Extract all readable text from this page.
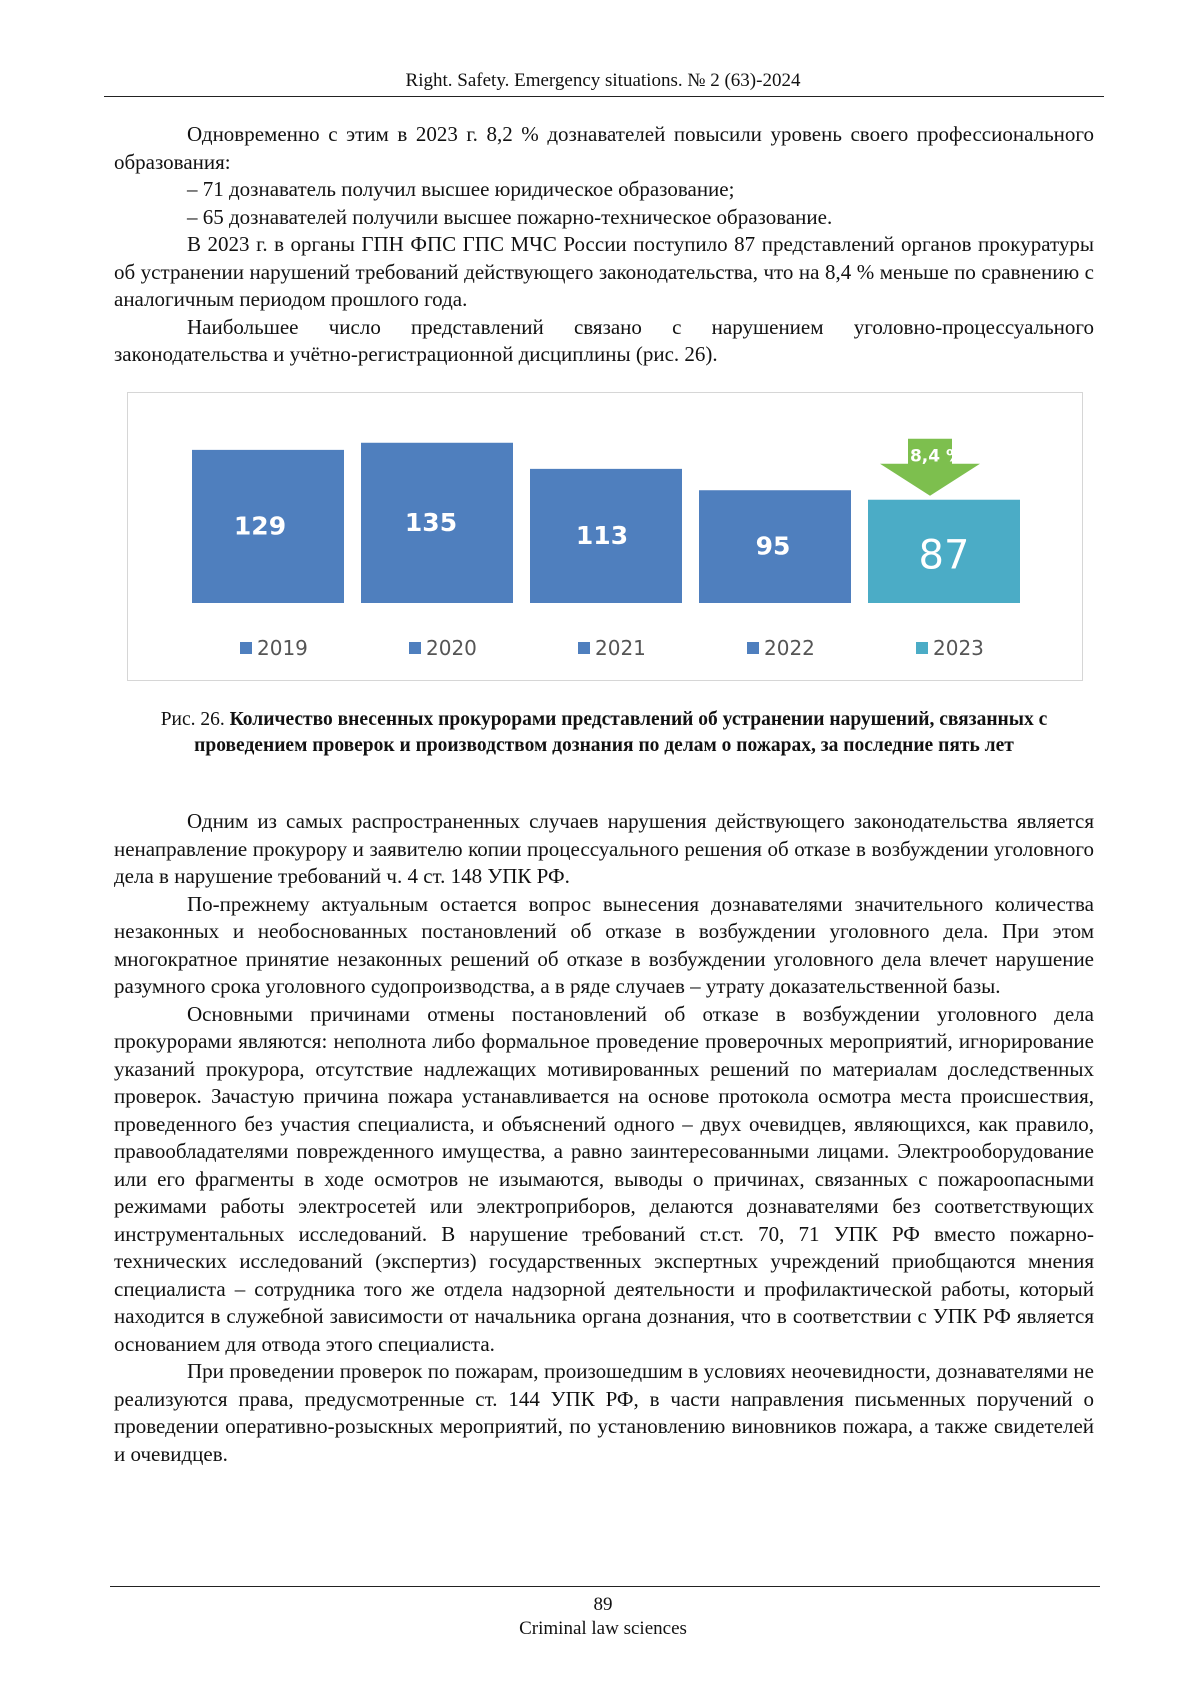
Right. Safety. Emergency situations. № 2 (63)-2024

Одновременно с этим в 2023 г. 8,2 % дознавателей повысили уровень своего профессионального образования:

– 71 дознаватель получил высшее юридическое образование;

– 65 дознавателей получили высшее пожарно-техническое образование.

В 2023 г. в органы ГПН ФПС ГПС МЧС России поступило 87 представлений органов прокуратуры об устранении нарушений требований действующего законодательства, что на 8,4 % меньше по сравнению с аналогичным периодом прошлого года.

Наибольшее число представлений связано с нарушением уголовно-процессуального законодательства и учётно-регистрационной дисциплины (рис. 26).

129
2019
135
2020
113
2021
95
2022
87
2023
- 8,4 %
Рис. 26. Количество внесенных прокурорами представлений об устранении нарушений, связанных с проведением проверок и производством дознания по делам о пожарах, за последние пять лет

Одним из самых распространенных случаев нарушения действующего законодательства является ненаправление прокурору и заявителю копии процессуального решения об отказе в возбуждении уголовного дела в нарушение требований ч. 4 ст. 148 УПК РФ.

По-прежнему актуальным остается вопрос вынесения дознавателями значительного количества незаконных и необоснованных постановлений об отказе в возбуждении уголовного дела. При этом многократное принятие незаконных решений об отказе в возбуждении уголовного дела влечет нарушение разумного срока уголовного судопроизводства, а в ряде случаев – утрату доказательственной базы.

Основными причинами отмены постановлений об отказе в возбуждении уголовного дела прокурорами являются: неполнота либо формальное проведение проверочных мероприятий, игнорирование указаний прокурора, отсутствие надлежащих мотивированных решений по материалам доследственных проверок. Зачастую причина пожара устанавливается на основе протокола осмотра места происшествия, проведенного без участия специалиста, и объяснений одного – двух очевидцев, являющихся, как правило, правообладателями поврежденного имущества, а равно заинтересованными лицами. Электрооборудование или его фрагменты в ходе осмотров не изымаются, выводы о причинах, связанных с пожароопасными режимами работы электросетей или электроприборов, делаются дознавателями без соответствующих инструментальных исследований. В нарушение требований ст.ст. 70, 71 УПК РФ вместо пожарно-технических исследований (экспертиз) государственных экспертных учреждений приобщаются мнения специалиста – сотрудника того же отдела надзорной деятельности и профилактической работы, который находится в служебной зависимости от начальника органа дознания, что в соответствии с УПК РФ является основанием для отвода этого специалиста.

При проведении проверок по пожарам, произошедшим в условиях неочевидности, дознавателями не реализуются права, предусмотренные ст. 144 УПК РФ, в части направления письменных поручений о проведении оперативно-розыскных мероприятий, по установлению виновников пожара, а также свидетелей и очевидцев.

89
Criminal law sciences
